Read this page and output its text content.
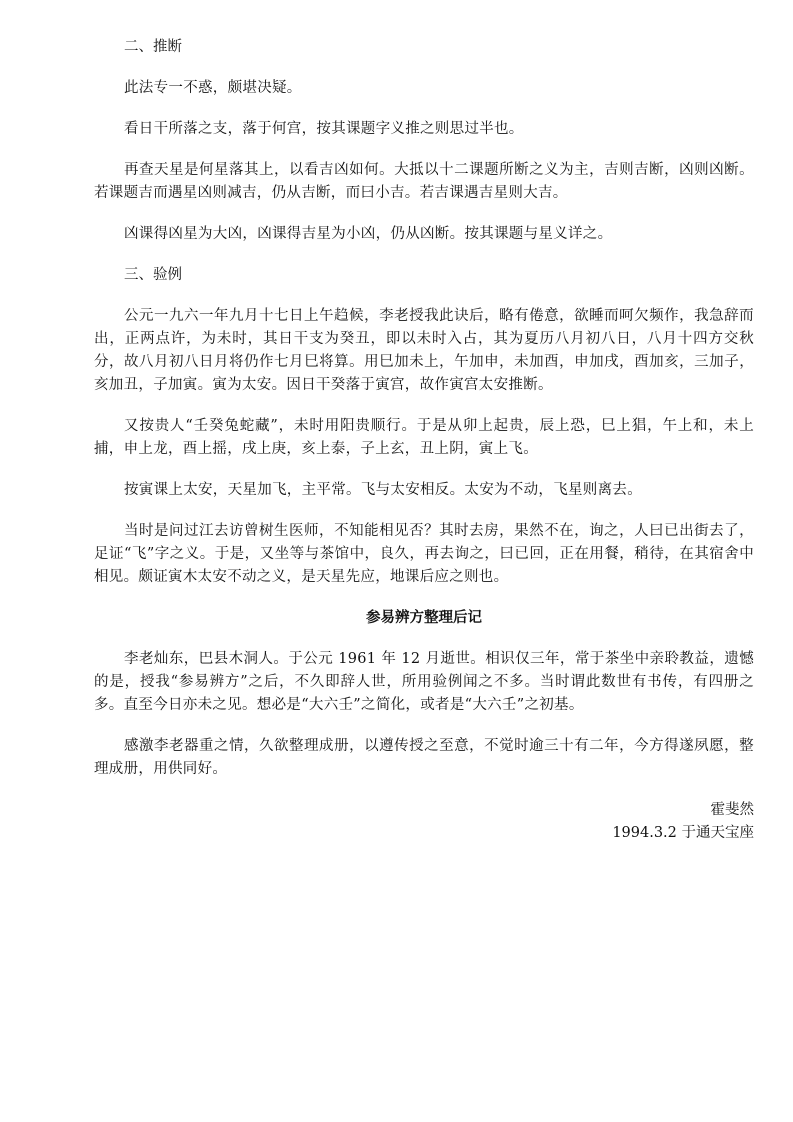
二、推断

此法专一不惑，颇堪决疑。

看日干所落之支，落于何宫，按其课题字义推之则思过半也。

再查天星是何星落其上，以看吉凶如何。大抵以十二课题所断之义为主，吉则吉断，凶则凶断。若课题吉而遇星凶则减吉，仍从吉断，而曰小吉。若吉课遇吉星则大吉。

凶课得凶星为大凶，凶课得吉星为小凶，仍从凶断。按其课题与星义详之。

三、验例

公元一九六一年九月十七日上午趋候，李老授我此诀后，略有倦意，欲睡而呵欠频作，我急辞而出，正两点许，为未时，其日干支为癸丑，即以未时入占，其为夏历八月初八日，八月十四方交秋分，故八月初八日月将仍作七月巳将算。用巳加未上，午加申，未加酉，申加戌，酉加亥，三加子，亥加丑，子加寅。寅为太安。因日干癸落于寅宫，故作寅宫太安推断。

又按贵人“壬癸兔蛇藏”，未时用阳贵顺行。于是从卯上起贵，辰上恐，巳上猖，午上和，未上捕，申上龙，酉上摇，戌上庚，亥上泰，子上玄，丑上阴，寅上飞。

按寅课上太安，天星加飞，主平常。飞与太安相反。太安为不动，飞星则离去。

当时是问过江去访曾树生医师，不知能相见否？其时去房，果然不在，询之，人曰已出街去了，足证“飞”字之义。于是，又坐等与茶馆中，良久，再去询之，曰已回，正在用餐，稍待，在其宿舍中相见。颇证寅木太安不动之义，是天星先应，地课后应之则也。

参易辨方整理后记

李老灿东，巴县木洞人。于公元 1961 年 12 月逝世。相识仅三年，常于茶坐中亲聆教益，遗憾的是，授我“参易辨方”之后，不久即辞人世，所用验例闻之不多。当时谓此数世有书传，有四册之多。直至今日亦未之见。想必是“大六壬”之简化，或者是“大六壬”之初基。

感激李老器重之情，久欲整理成册，以遵传授之至意，不觉时逾三十有二年，今方得遂夙愿，整理成册，用供同好。

霍斐然

1994.3.2 于通天宝座
